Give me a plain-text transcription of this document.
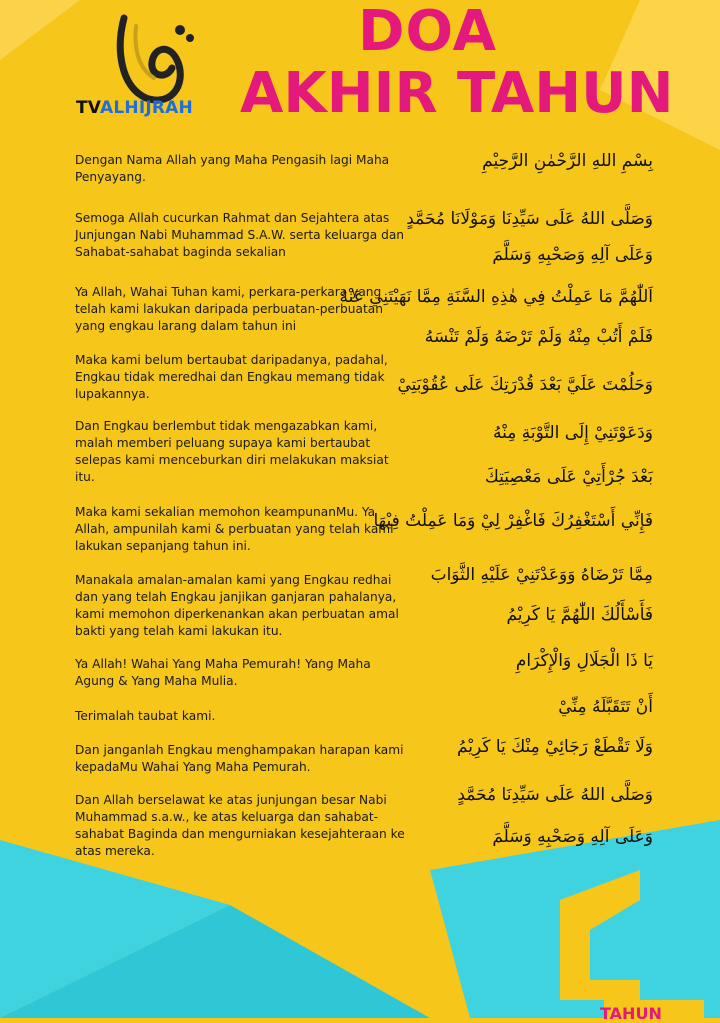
TVALHIJRAH
DOA
AKHIR TAHUN
Dengan Nama Allah yang Maha Pengasih lagi Maha Penyayang.
Semoga Allah cucurkan Rahmat dan Sejahtera atas Junjungan Nabi Muhammad S.A.W. serta keluarga dan Sahabat-sahabat baginda sekalian
Ya Allah, Wahai Tuhan kami, perkara-perkara yang telah kami lakukan daripada perbuatan-perbuatan yang engkau larang dalam tahun ini
Maka kami belum bertaubat daripadanya, padahal, Engkau tidak meredhai dan Engkau memang tidak lupakannya.
Dan Engkau berlembut tidak mengazabkan kami, malah memberi peluang supaya kami bertaubat selepas kami menceburkan diri melakukan maksiat itu.
Maka kami sekalian memohon keampunanMu. Ya Allah, ampunilah kami & perbuatan yang telah kami lakukan sepanjang tahun ini.
Manakala amalan-amalan kami yang Engkau redhai dan yang telah Engkau janjikan ganjaran pahalanya, kami memohon diperkenankan akan perbuatan amal bakti yang telah kami lakukan itu.
Ya Allah! Wahai Yang Maha Pemurah! Yang Maha Agung & Yang Maha Mulia.
Terimalah taubat kami.
Dan janganlah Engkau menghampakan harapan kami kepadaMu Wahai Yang Maha Pemurah.
Dan Allah berselawat ke atas junjungan besar Nabi Muhammad s.a.w., ke atas keluarga dan sahabat-sahabat Baginda dan mengurniakan kesejahteraan ke atas mereka.
بِسْمِ اللهِ الرَّحْمٰنِ الرَّحِيْمِ
وَصَلَّى اللهُ عَلَى سَيِّدِنَا وَمَوْلَانَا مُحَمَّدٍ
وَعَلَى آلِهِ وَصَحْبِهِ وَسَلَّمَ
اَللّٰهُمَّ مَا عَمِلْتُ فِي هٰذِهِ السَّنَةِ مِمَّا نَهَيْتَنِي عَنْهُ
فَلَمْ أَتُبْ مِنْهُ وَلَمْ تَرْضَهُ وَلَمْ تَنْسَهُ
وَحَلُمْتَ عَلَيَّ بَعْدَ قُدْرَتِكَ عَلَى عُقُوْبَتِيْ
وَدَعَوْتَنِيْ إِلَى التَّوْبَةِ مِنْهُ
بَعْدَ جُرْأَتِيْ عَلَى مَعْصِيَتِكَ
فَإِنِّي أَسْتَغْفِرُكَ فَاغْفِرْ لِيْ وَمَا عَمِلْتُ فِيْهَا
مِمَّا تَرْضَاهُ وَوَعَدْتَنِيْ عَلَيْهِ الثَّوَابَ
فَأَسْأَلُكَ اللّٰهُمَّ يَا كَرِيْمُ
يَا ذَا الْجَلَالِ وَالْإِكْرَامِ
أَنْ تَتَقَبَّلَهُ مِنِّيْ
وَلَا تَقْطَعْ رَجَائِيْ مِنْكَ يَا كَرِيْمُ
وَصَلَّى اللهُ عَلَى سَيِّدِنَا مُحَمَّدٍ
وَعَلَى آلِهِ وَصَحْبِهِ وَسَلَّمَ
TAHUN
